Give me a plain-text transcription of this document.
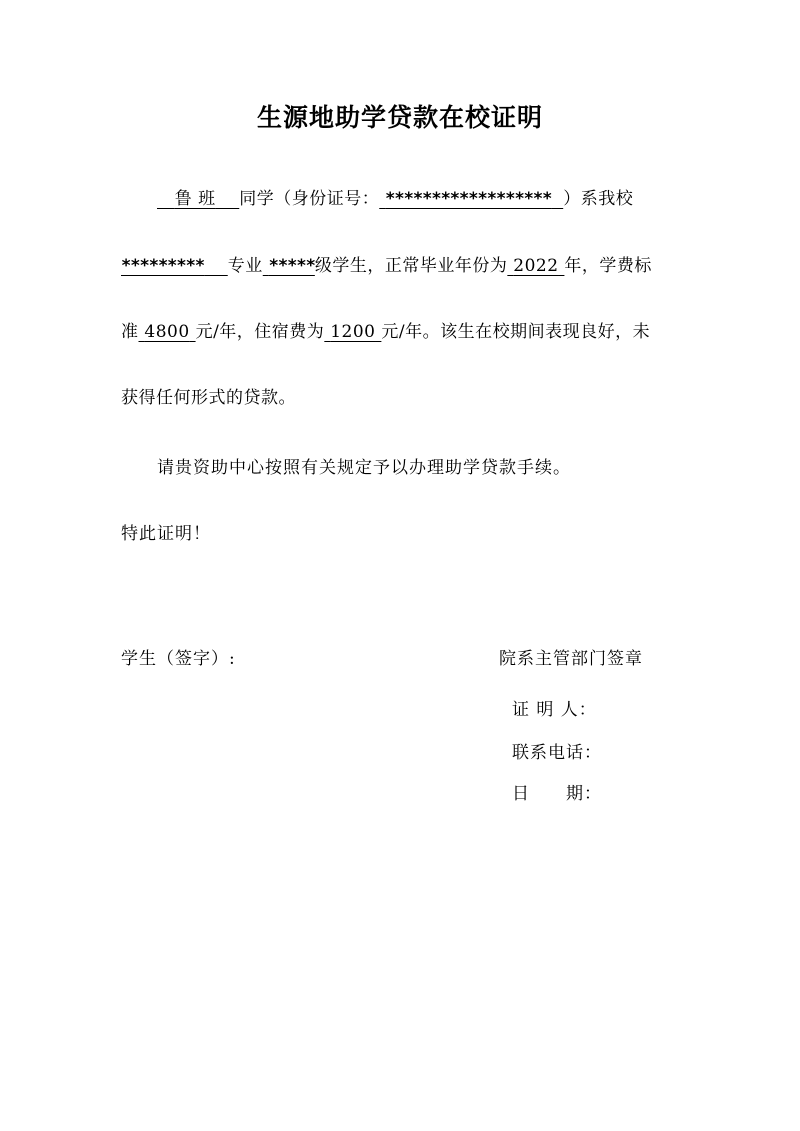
生源地助学贷款在校证明
鲁 班 同学（身份证号： ****************** ）系我校
********* 专业 *****级学生，正常毕业年份为 2022 年，学费标
准 4800 元/年，住宿费为 1200 元/年。该生在校期间表现良好，未
获得任何形式的贷款。
请贵资助中心按照有关规定予以办理助学贷款手续。
特此证明！
学生（签字）:	院系主管部门签章
证 明 人：
联系电话：
日　　期：
